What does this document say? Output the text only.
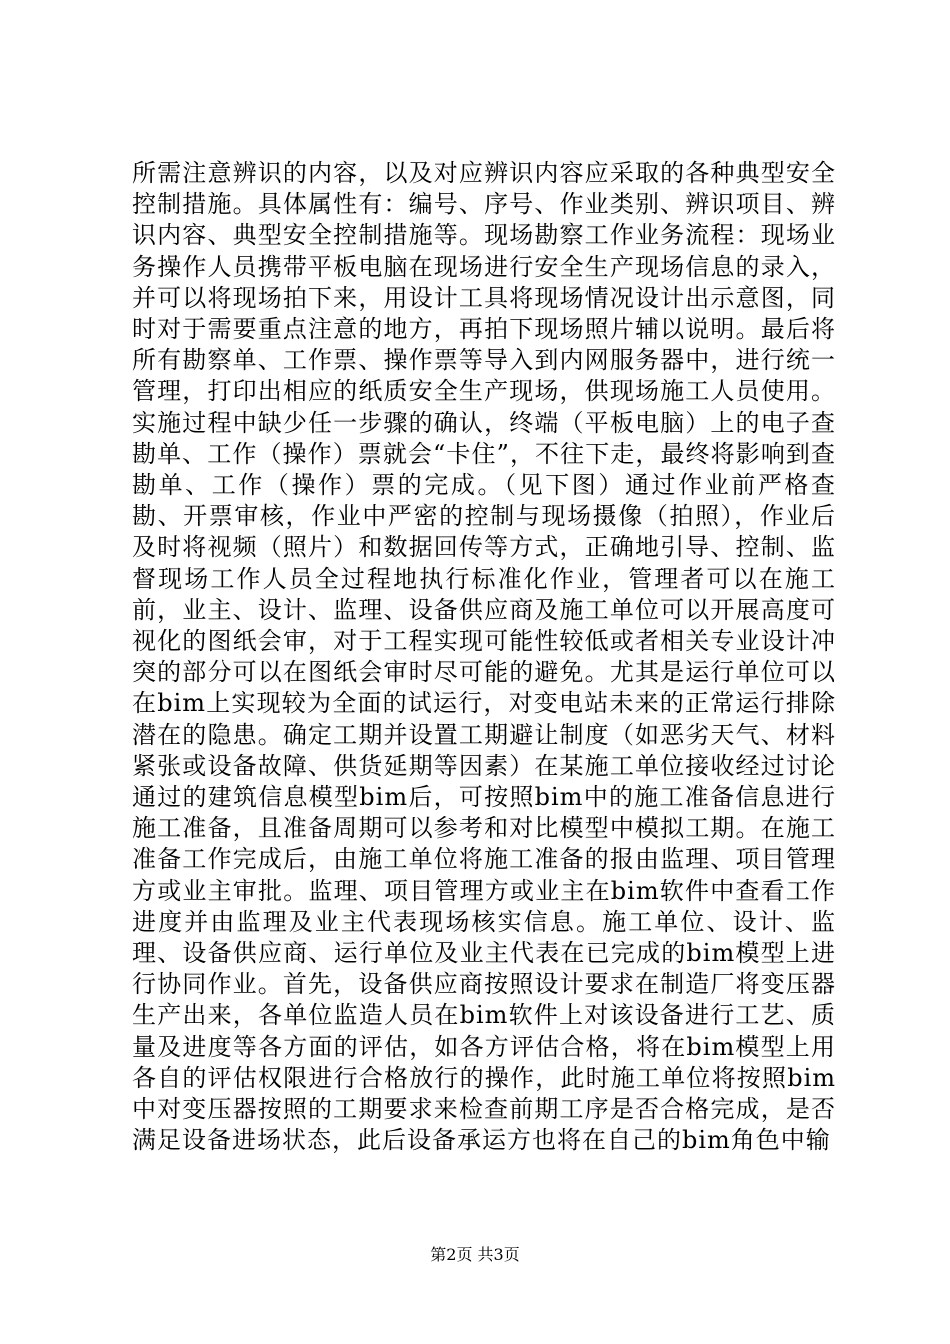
所需注意辨识的内容，以及对应辨识内容应采取的各种典型安全控制措施。具体属性有：编号、序号、作业类别、辨识项目、辨识内容、典型安全控制措施等。现场勘察工作业务流程：现场业务操作人员携带平板电脑在现场进行安全生产现场信息的录入，并可以将现场拍下来，用设计工具将现场情况设计出示意图，同时对于需要重点注意的地方，再拍下现场照片辅以说明。最后将所有勘察单、工作票、操作票等导入到内网服务器中，进行统一管理，打印出相应的纸质安全生产现场，供现场施工人员使用。实施过程中缺少任一步骤的确认，终端（平板电脑）上的电子查勘单、工作（操作）票就会“卡住”，不往下走，最终将影响到查勘单、工作（操作）票的完成。（见下图）通过作业前严格查勘、开票审核，作业中严密的控制与现场摄像（拍照），作业后及时将视频（照片）和数据回传等方式，正确地引导、控制、监督现场工作人员全过程地执行标准化作业，管理者可以在施工前，业主、设计、监理、设备供应商及施工单位可以开展高度可视化的图纸会审，对于工程实现可能性较低或者相关专业设计冲突的部分可以在图纸会审时尽可能的避免。尤其是运行单位可以在bim上实现较为全面的试运行，对变电站未来的正常运行排除潜在的隐患。确定工期并设置工期避让制度（如恶劣天气、材料紧张或设备故障、供货延期等因素）在某施工单位接收经过讨论通过的建筑信息模型bim后，可按照bim中的施工准备信息进行施工准备，且准备周期可以参考和对比模型中模拟工期。在施工准备工作完成后，由施工单位将施工准备的报由监理、项目管理方或业主审批。监理、项目管理方或业主在bim软件中查看工作进度并由监理及业主代表现场核实信息。施工单位、设计、监理、设备供应商、运行单位及业主代表在已完成的bim模型上进行协同作业。首先，设备供应商按照设计要求在制造厂将变压器生产出来，各单位监造人员在bim软件上对该设备进行工艺、质量及进度等各方面的评估，如各方评估合格，将在bim模型上用各自的评估权限进行合格放行的操作，此时施工单位将按照bim中对变压器按照的工期要求来检查前期工序是否合格完成，是否满足设备进场状态，此后设备承运方也将在自己的bim角色中输

第2页 共3页
